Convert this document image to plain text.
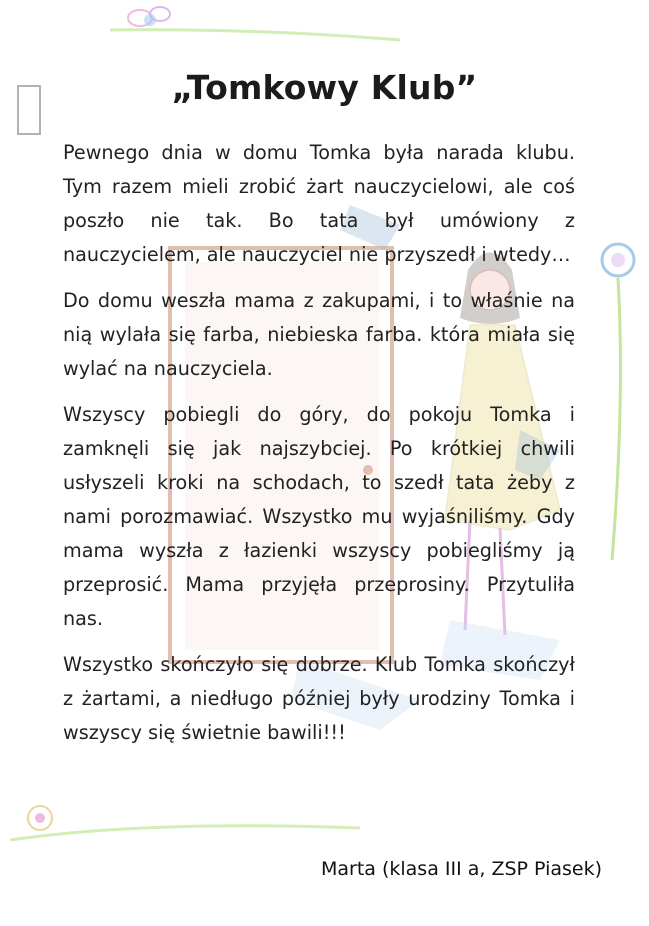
„Tomkowy Klub”

Pewnego dnia w domu Tomka była narada klubu. Tym razem mieli zrobić żart nauczycielowi, ale coś poszło nie tak. Bo tata był umówiony z nauczycielem, ale nauczyciel nie przyszedł i wtedy…

Do domu weszła mama z zakupami, i to właśnie na nią wylała się farba, niebieska farba. która miała się wylać na nauczyciela.

Wszyscy pobiegli do góry, do pokoju Tomka i zamknęli się jak najszybciej. Po krótkiej chwili usłyszeli kroki na schodach, to szedł tata żeby z nami porozmawiać. Wszystko mu wyjaśniliśmy. Gdy mama wyszła z łazienki wszyscy pobiegliśmy ją przeprosić. Mama przyjęła przeprosiny. Przytuliła nas.

Wszystko skończyło się dobrze. Klub Tomka skończył z żartami, a niedługo później były urodziny Tomka i wszyscy się świetnie bawili!!!

Marta (klasa III a, ZSP Piasek)
